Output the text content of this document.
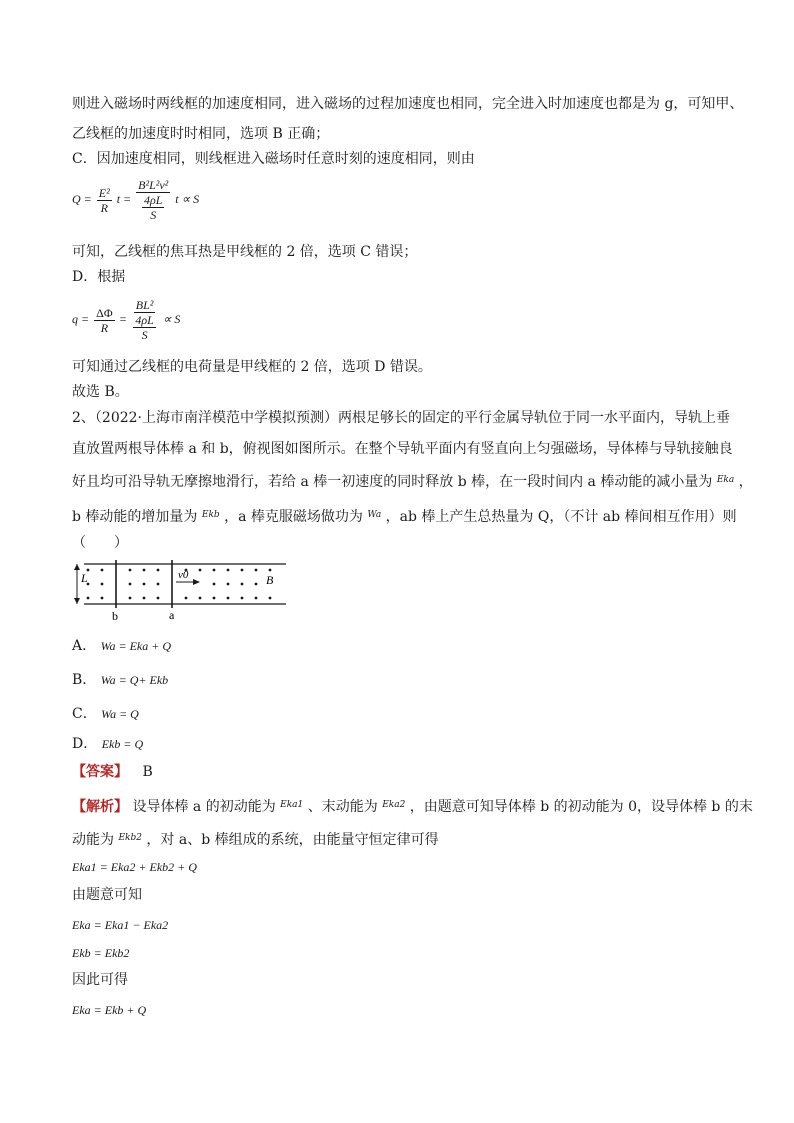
则进入磁场时两线框的加速度相同，进入磁场的过程加速度也相同，完全进入时加速度也都是为 g，可知甲、
乙线框的加速度时时相同，选项 B 正确；
C．因加速度相同，则线框进入磁场时任意时刻的速度相同，则由
$Q = \frac{\text{E²}}{R}$ $t = \frac{\text{B²L²v²}}{\frac{4\rho L}{S}}$ t ∝ S
可知，乙线框的焦耳热是甲线框的 2 倍，选项 C 错误；
D．根据
$q = \frac{\Delta\Phi}{R} = \frac{\text{BL²}}{\frac{4\rho L}{S}} \propto S$
可知通过乙线框的电荷量是甲线框的 2 倍，选项 D 错误。
故选 B。
2、（2022·上海市南洋模范中学模拟预测）两根足够长的固定的平行金属导轨位于同一水平面内，导轨上垂
直放置两根导体棒 a 和 b，俯视图如图所示。在整个导轨平面内有竖直向上匀强磁场，导体棒与导轨接触良
好且均可沿导轨无摩擦地滑行，若给 a 棒一初速度的同时释放 b 棒，在一段时间内 a 棒动能的减小量为 $^{Eka}$ ，
b 棒动能的增加量为 $^{Ekb}$ ，a 棒克服磁场做功为 $^{Wa}$ ，ab 棒上产生总热量为 Q，（不计 ab 棒间相互作用）则
（　　）
L	v0	B
a
b
A． Wa = Eka + Q
B． Wa = Q+ Ekb
C． Wa = Q
D． Ekb = Q
【答案】 B
【解析】 设导体棒 a 的初动能为 $^{Eka1}$ 、末动能为 $^{Eka2}$ ，由题意可知导体棒 b 的初动能为 0，设导体棒 b 的末
动能为 $^{Ekb2}$ ，对 a、b 棒组成的系统，由能量守恒定律可得
Eka1 = Eka2 + Ekb2 + Q
由题意可知
Eka = Eka1 − Eka2
Ekb = Ekb2
因此可得
Eka = Ekb + Q
